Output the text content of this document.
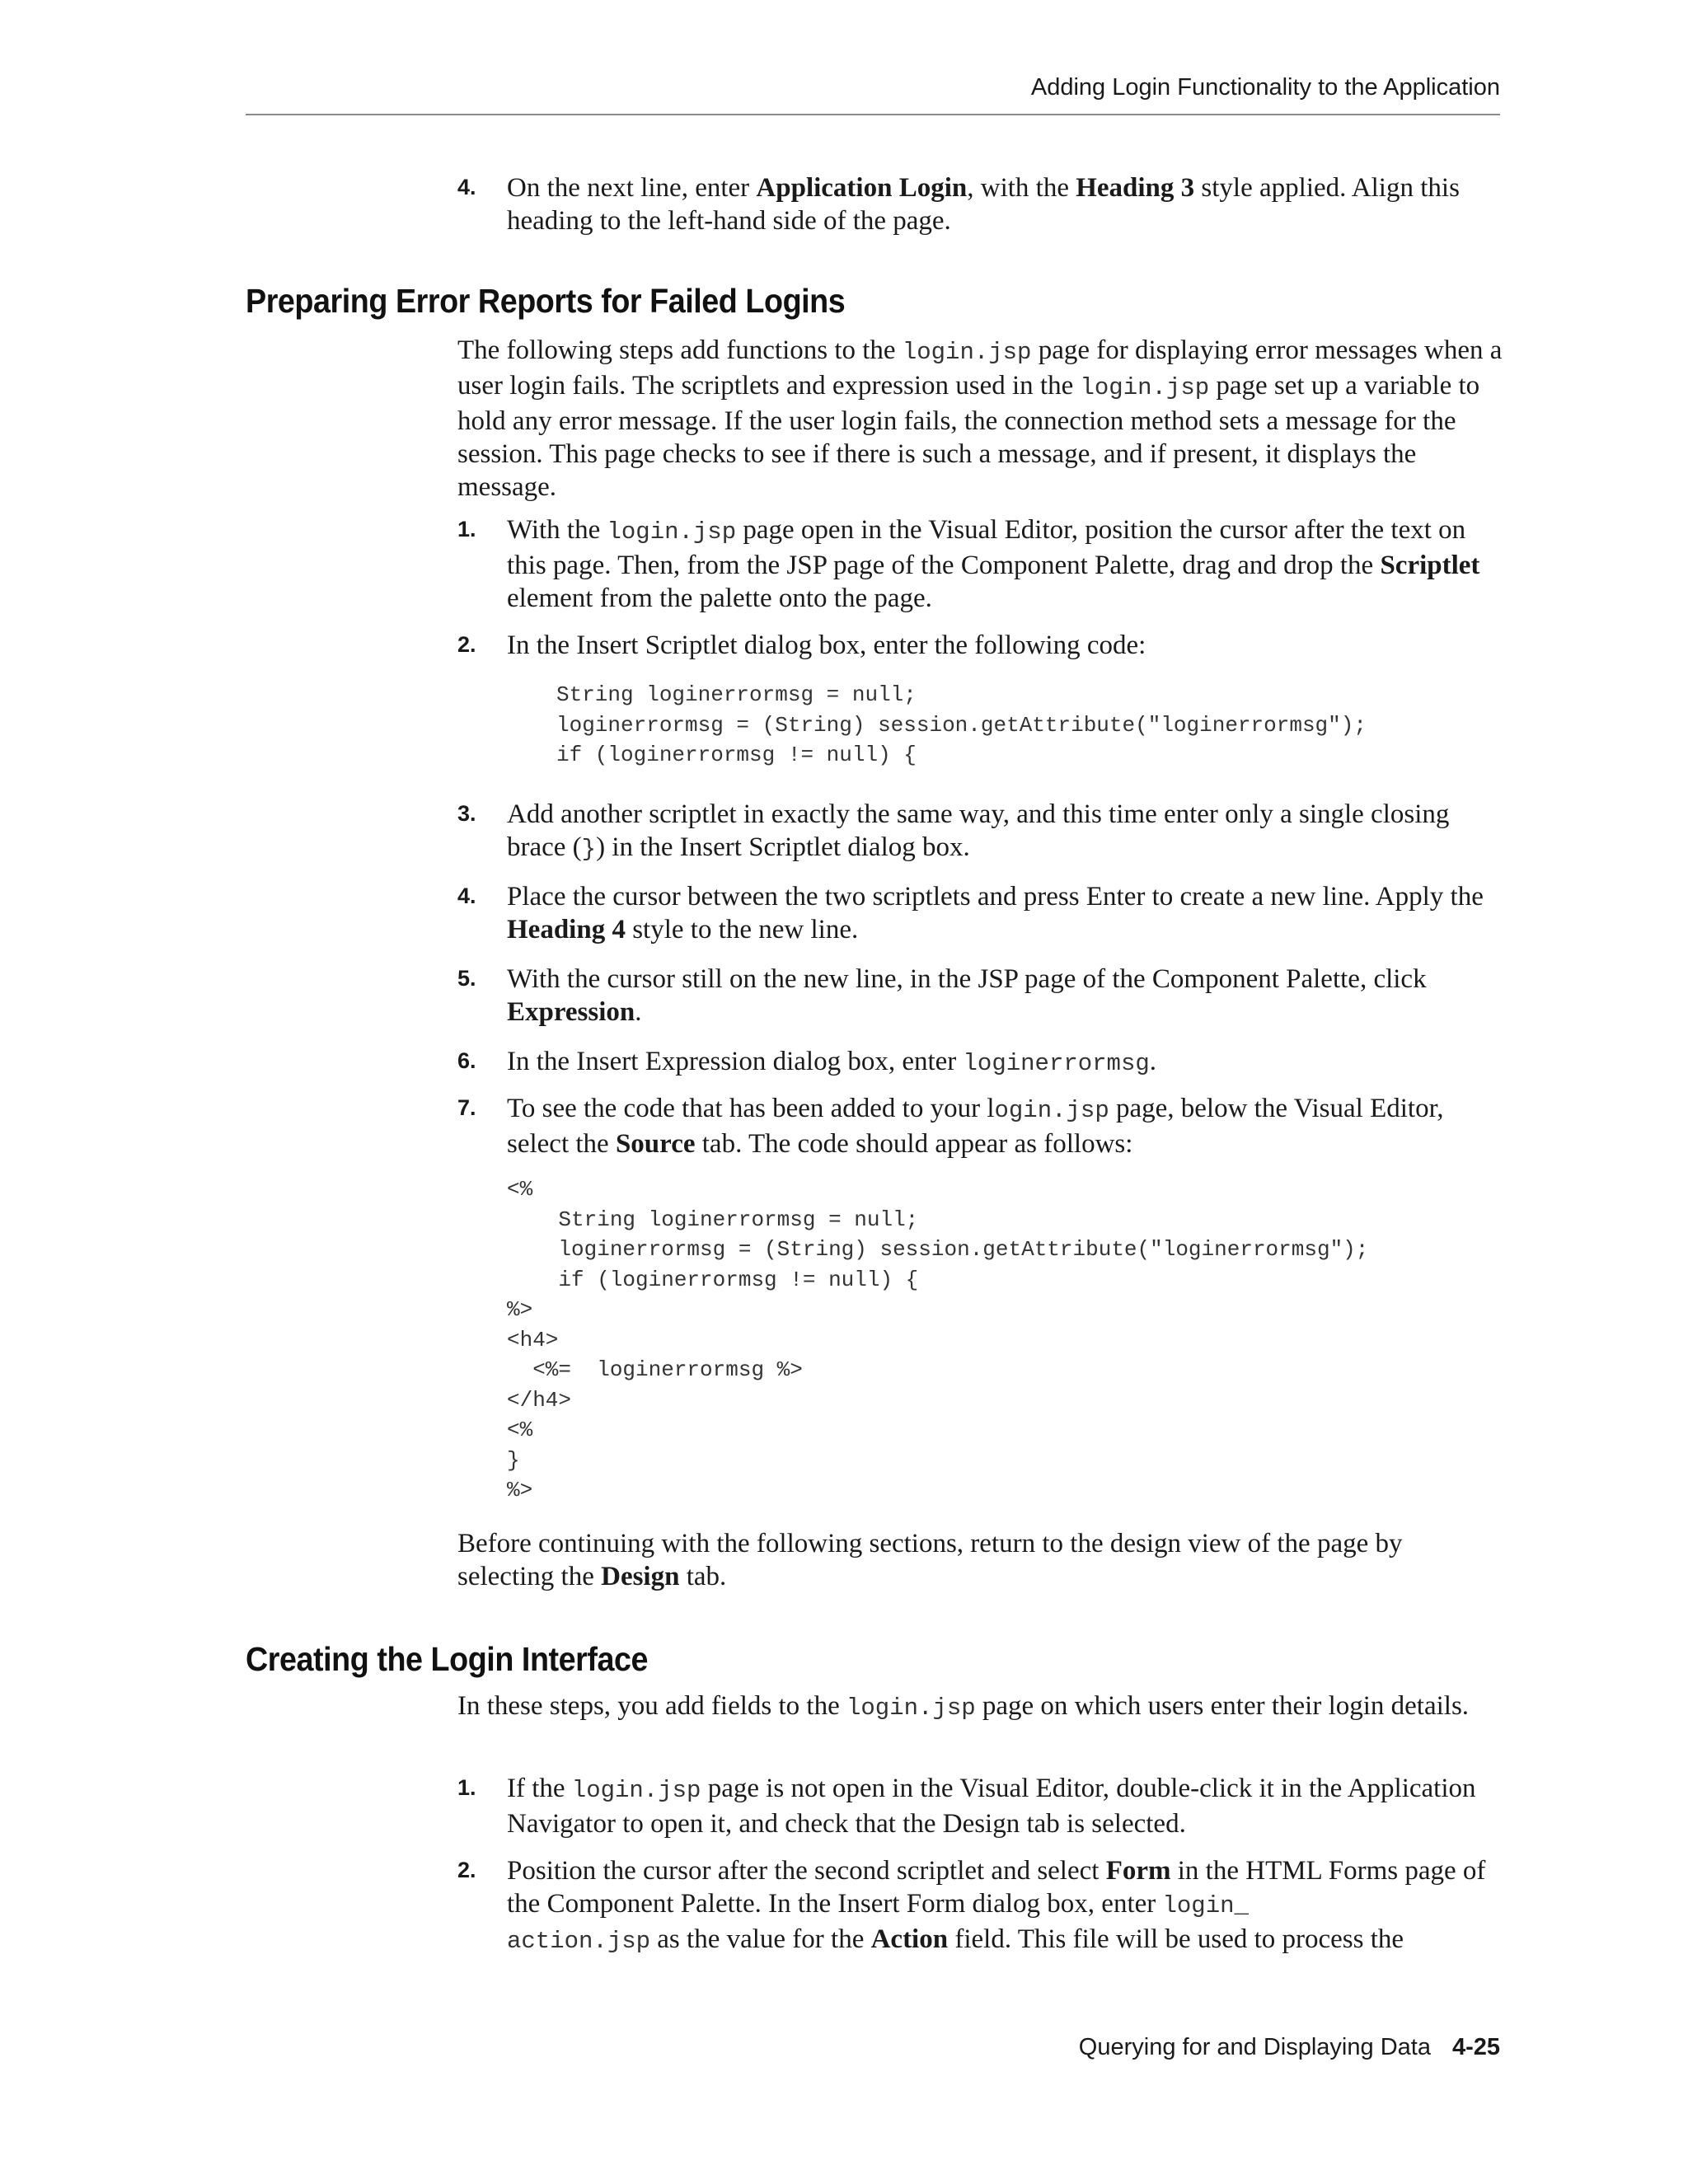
Adding Login Functionality to the Application
4. On the next line, enter Application Login, with the Heading 3 style applied. Align this heading to the left-hand side of the page.
Preparing Error Reports for Failed Logins
The following steps add functions to the login.jsp page for displaying error messages when a user login fails. The scriptlets and expression used in the login.jsp page set up a variable to hold any error message. If the user login fails, the connection method sets a message for the session. This page checks to see if there is such a message, and if present, it displays the message.
1. With the login.jsp page open in the Visual Editor, position the cursor after the text on this page. Then, from the JSP page of the Component Palette, drag and drop the Scriptlet element from the palette onto the page.
2. In the Insert Scriptlet dialog box, enter the following code:
String loginerrormsg = null;
loginerrormsg = (String) session.getAttribute("loginerrormsg");
if (loginerrormsg != null) {
3. Add another scriptlet in exactly the same way, and this time enter only a single closing brace (}) in the Insert Scriptlet dialog box.
4. Place the cursor between the two scriptlets and press Enter to create a new line. Apply the Heading 4 style to the new line.
5. With the cursor still on the new line, in the JSP page of the Component Palette, click Expression.
6. In the Insert Expression dialog box, enter loginerrormsg.
7. To see the code that has been added to your login.jsp page, below the Visual Editor, select the Source tab. The code should appear as follows:
<%
String loginerrormsg = null;
loginerrormsg = (String) session.getAttribute("loginerrormsg");
if (loginerrormsg != null) {
%>
<h4>
<%=  loginerrormsg %>
</h4>
<%
}
%>
Before continuing with the following sections, return to the design view of the page by selecting the Design tab.
Creating the Login Interface
In these steps, you add fields to the login.jsp page on which users enter their login details.
1. If the login.jsp page is not open in the Visual Editor, double-click it in the Application Navigator to open it, and check that the Design tab is selected.
2. Position the cursor after the second scriptlet and select Form in the HTML Forms page of the Component Palette. In the Insert Form dialog box, enter login_
action.jsp as the value for the Action field. This file will be used to process the
Querying for and Displaying Data 4-25
